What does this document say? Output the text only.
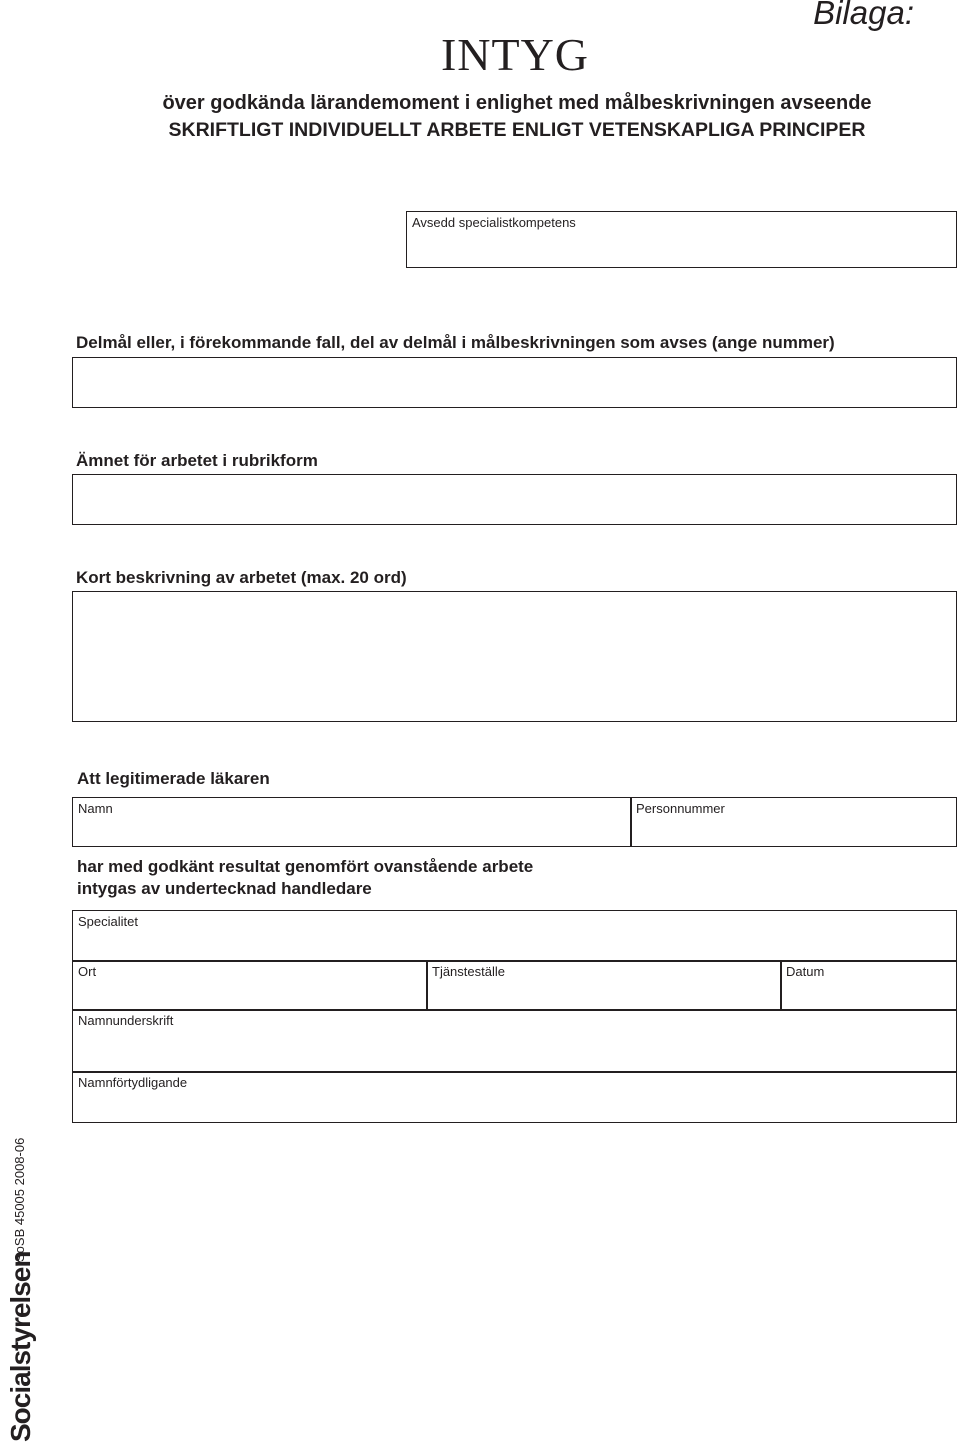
Bilaga:
INTYG
över godkända lärandemoment i enlighet med målbeskrivningen avseende
SKRIFTLIGT INDIVIDUELLT ARBETE ENLIGT VETENSKAPLIGA PRINCIPER
Avsedd specialistkompetens
Delmål eller, i förekommande fall, del av delmål i målbeskrivningen som avses (ange nummer)
Ämnet för arbetet i rubrikform
Kort beskrivning av arbetet (max. 20 ord)
Att legitimerade läkaren
Namn	Personnummer
har med godkänt resultat genomfört ovanstående arbete
intygas av undertecknad handledare
Specialitet
Ort	Tjänsteställe	Datum
Namnunderskrift
Namnförtydligande
SoSB 45005 2008-06
Socialstyrelsen
